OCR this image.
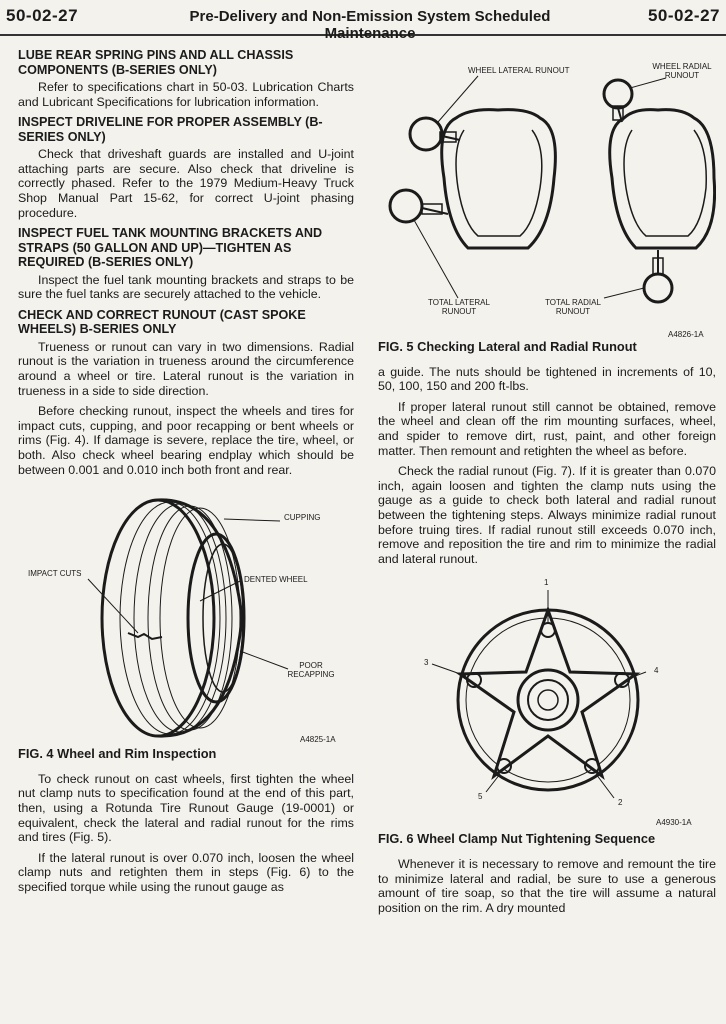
50-02-27	Pre-Delivery and Non-Emission System Scheduled Maintenance
50-02-27
LUBE REAR SPRING PINS AND ALL CHASSIS COMPONENTS (B-SERIES ONLY)

Refer to specifications chart in 50-03. Lubrication Charts and Lubricant Specifications for lubrication information.

INSPECT DRIVELINE FOR PROPER ASSEMBLY (B-SERIES ONLY)

Check that driveshaft guards are installed and U-joint attaching parts are secure. Also check that driveline is correctly phased. Refer to the 1979 Medium-Heavy Truck Shop Manual Part 15-62, for correct U-joint phasing procedure.

INSPECT FUEL TANK MOUNTING BRACKETS AND STRAPS (50 GALLON AND UP)—TIGHTEN AS REQUIRED (B-SERIES ONLY)

Inspect the fuel tank mounting brackets and straps to be sure the fuel tanks are securely attached to the vehicle.

CHECK AND CORRECT RUNOUT (CAST SPOKE WHEELS) B-SERIES ONLY

Trueness or runout can vary in two dimensions. Radial runout is the variation in trueness around the circumference around a wheel or tire. Lateral runout is the variation in trueness in a side to side direction.

Before checking runout, inspect the wheels and tires for impact cuts, cupping, and poor recapping or bent wheels or rims (Fig. 4). If damage is severe, replace the tire, wheel, or both. Also check wheel bearing endplay which should be between 0.001 and 0.010 inch both front and rear.

CUPPING
IMPACT CUTS
DENTED WHEEL
POOR RECAPPING
A4825-1A
FIG. 4 Wheel and Rim Inspection

To check runout on cast wheels, first tighten the wheel nut clamp nuts to specification found at the end of this part, then, using a Rotunda Tire Runout Gauge (19-0001) or equivalent, check the lateral and radial runout for the rims and tires (Fig. 5).

If the lateral runout is over 0.070 inch, loosen the wheel clamp nuts and retighten them in steps (Fig. 6) to the specified torque while using the runout gauge as

WHEEL LATERAL RUNOUT	WHEEL RADIAL RUNOUT
TOTAL LATERAL RUNOUT
TOTAL RADIAL RUNOUT
A4826-1A
FIG. 5 Checking Lateral and Radial Runout

a guide. The nuts should be tightened in increments of 10, 50, 100, 150 and 200 ft-lbs.

If proper lateral runout still cannot be obtained, remove the wheel and clean off the rim mounting surfaces, wheel, and spider to remove dirt, rust, paint, and other foreign matter. Then remount and retighten the wheel as before.

Check the radial runout (Fig. 7). If it is greater than 0.070 inch, again loosen and tighten the clamp nuts using the gauge as a guide to check both lateral and radial runout between the tightening steps. Always minimize radial runout before truing tires. If radial runout still exceeds 0.070 inch, remove and reposition the tire and rim to minimize the radial and lateral runout.

1
2
3
4
5
A4930-1A
FIG. 6 Wheel Clamp Nut Tightening Sequence

Whenever it is necessary to remove and remount the tire to minimize lateral and radial, be sure to use a generous amount of tire soap, so that the tire will assume a natural position on the rim. A dry mounted
